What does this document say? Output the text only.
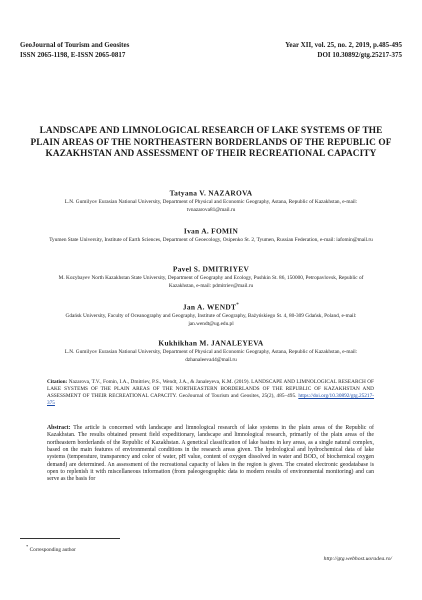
GeoJournal of Tourism and Geosites
ISSN 2065-1198, E-ISSN 2065-0817
Year XII, vol. 25, no. 2, 2019, p.485-495
DOI 10.30892/gtg.25217-375
LANDSCAPE AND LIMNOLOGICAL RESEARCH OF LAKE SYSTEMS OF THE PLAIN AREAS OF THE NORTHEASTERN BORDERLANDS OF THE REPUBLIC OF KAZAKHSTAN AND ASSESSMENT OF THEIR RECREATIONAL CAPACITY
Tatyana V. NAZAROVA
L.N. Gumilyov Eurasian National University, Department of Physical and Economic Geography, Astana, Republic of Kazakhstan, e-mail: tvnazarova81@mail.ru
Ivan A. FOMIN
Tyumen State University, Institute of Earth Sciences, Department of Geoecology, Osipenko St. 2, Tyumen, Russian Federation, e-mail: iafomin@mail.ru
Pavel S. DMITRIYEV
M. Kozybayev North Kazakhstan State University, Department of Geography and Ecology, Pushkin St. 86, 150000, Petropavlovsk, Republic of Kazakhstan, e-mail: pdmitriev@mail.ru
Jan A. WENDT*
Gdańsk University, Faculty of Oceanography and Geography, Institute of Geography, Bażyńskiego St. 4, 80-309 Gdańsk, Poland, e-mail: jan.wendt@ug.edu.pl
Kukhikhan M. JANALEYEVA
L.N. Gumilyov Eurasian National University, Department of Physical and Economic Geography, Astana, Republic of Kazakhstan, e-mail: dzhanaleeva44@mail.ru
Citation: Nazarova, T.V., Fomin, I.A., Dmitriev, P.S., Wendt, J.A., & Janaleyeva, K.M. (2019). LANDSCAPE AND LIMNOLOGICAL RESEARCH OF LAKE SYSTEMS OF THE PLAIN AREAS OF THE NORTHEASTERN BORDERLANDS OF THE REPUBLIC OF KAZAKHSTAN AND ASSESSMENT OF THEIR RECREATIONAL CAPACITY. GeoJournal of Tourism and Geosites, 25(2), 485–495. https://doi.org/10.30892/gtg.25217-375
Abstract: The article is concerned with landscape and limnological research of lake systems in the plain areas of the Republic of Kazakhstan. The results obtained present field expeditionary, landscape and limnological research, primarily of the plain areas of the northeastern borderlands of the Republic of Kazakhstan. A genetical classification of lake basins in key areas, as a single natural complex, based on the main features of environmental conditions in the research areas given. The hydrological and hydrochemical data of lake systems (temperature, transparency and color of water, pH value, content of oxygen dissolved in water and BOD₅ of biochemical oxygen demand) are determined. An assessment of the recreational capacity of lakes in the region is given. The created electronic geodatabase is open to replenish it with miscellaneous information (from paleogeographic data to modern results of environmental monitoring) and can serve as the basis for
* Corresponding author
http://gtg.webhost.uoradea.ro/
